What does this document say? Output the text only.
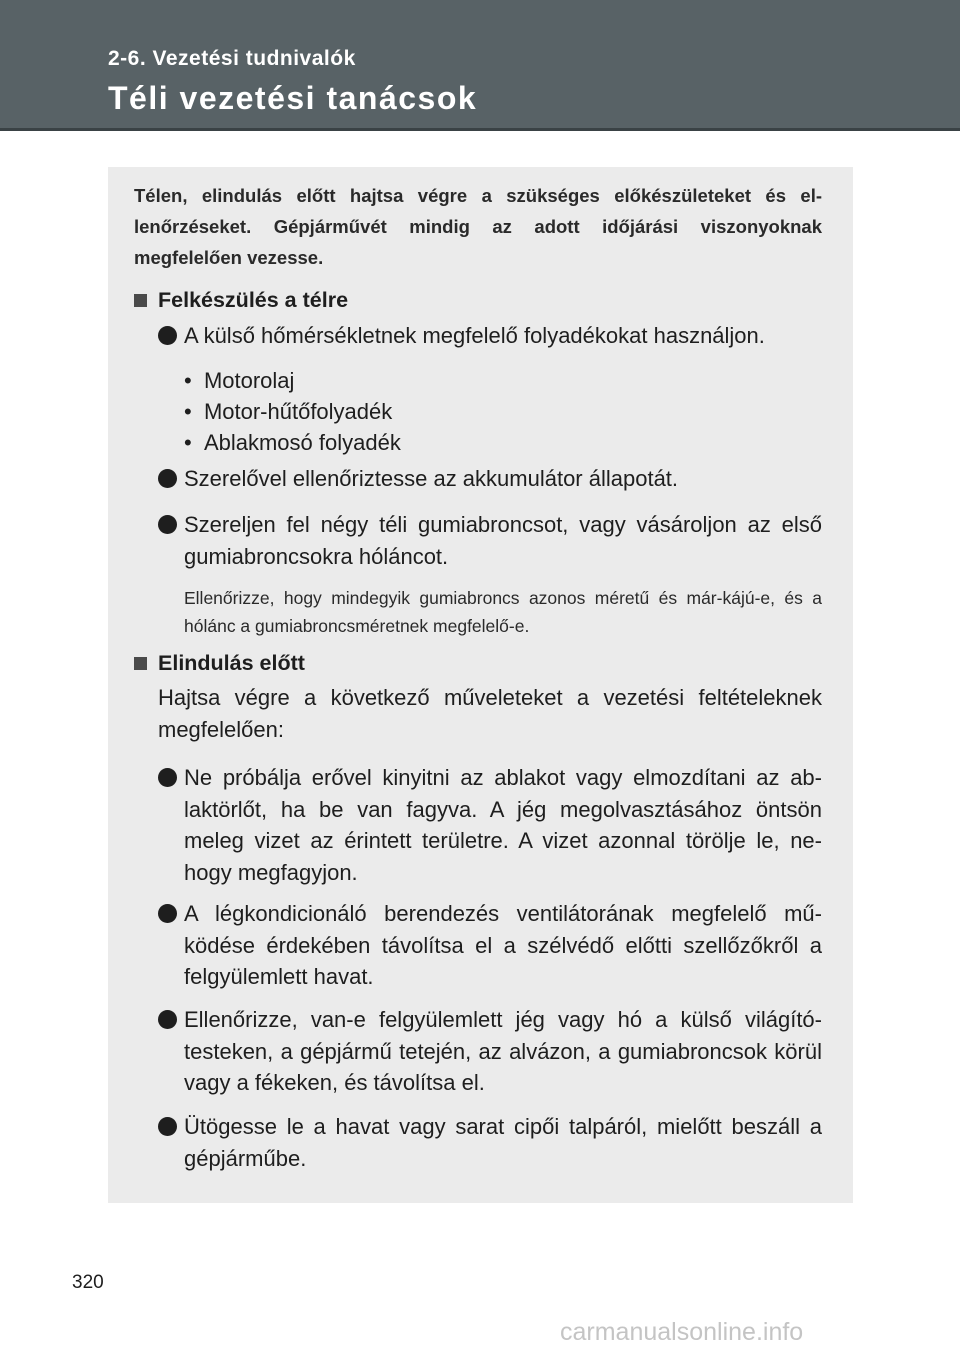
2-6. Vezetési tudnivalók
Téli vezetési tanácsok
Télen, elindulás előtt hajtsa végre a szükséges előkészületeket és el-lenőrzéseket. Gépjárművét mindig az adott időjárási viszonyoknak megfelelően vezesse.
Felkészülés a télre
A külső hőmérsékletnek megfelelő folyadékokat használjon.
•  Motorolaj
•  Motor-hűtőfolyadék
•  Ablakmosó folyadék
Szerelővel ellenőriztesse az akkumulátor állapotát.
Szereljen fel négy téli gumiabroncsot, vagy vásároljon az első gumiabroncsokra hóláncot.
Ellenőrizze, hogy mindegyik gumiabroncs azonos méretű és már-kájú-e, és a hólánc a gumiabroncsméretnek megfelelő-e.
Elindulás előtt
Hajtsa végre a következő műveleteket a vezetési feltételeknek megfelelően:
Ne próbálja erővel kinyitni az ablakot vagy elmozdítani az ab-laktörlőt, ha be van fagyva. A jég megolvasztásához öntsön meleg vizet az érintett területre. A vizet azonnal törölje le, ne-hogy megfagyjon.
A légkondicionáló berendezés ventilátorának megfelelő mű-ködése érdekében távolítsa el a szélvédő előtti szellőzőkről a felgyülemlett havat.
Ellenőrizze, van-e felgyülemlett jég vagy hó a külső világító-testeken, a gépjármű tetején, az alvázon, a gumiabroncsok körül vagy a fékeken, és távolítsa el.
Ütögesse le a havat vagy sarat cipői talpáról, mielőtt beszáll a gépjárműbe.
320
carmanualsonline.info
